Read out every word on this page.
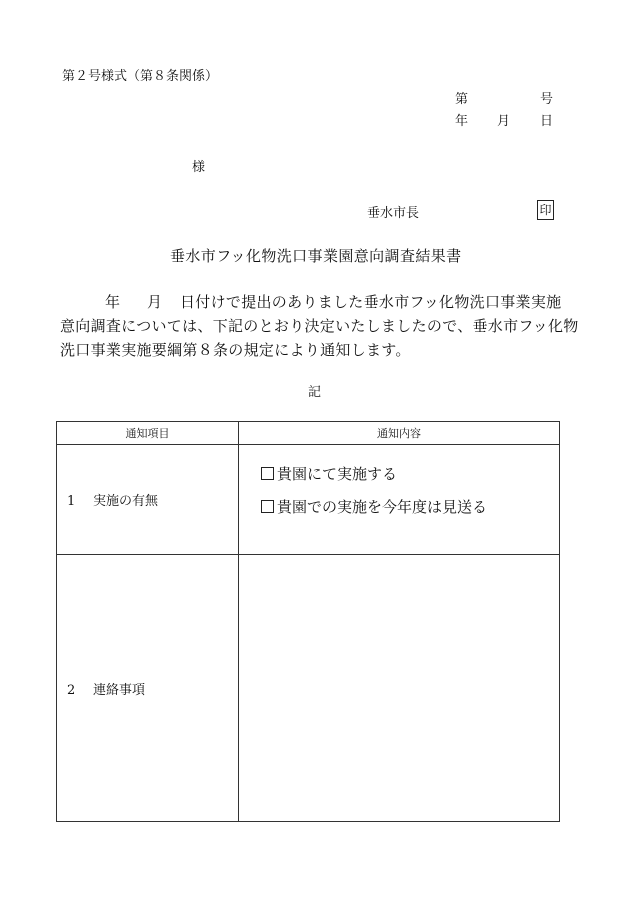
第２号様式（第８条関係）
第	号
年 月 日
様
垂水市長	印
垂水市フッ化物洗口事業園意向調査結果書
年 月 日付けで提出のありました垂水市フッ化物洗口事業実施
意向調査については、下記のとおり決定いたしましたので、垂水市フッ化物
洗口事業実施要綱第８条の規定により通知します。
記
通知項目	通知内容
1 実施の有無	貴園にて実施する
貴園での実施を今年度は見送る

2 連絡事項	
